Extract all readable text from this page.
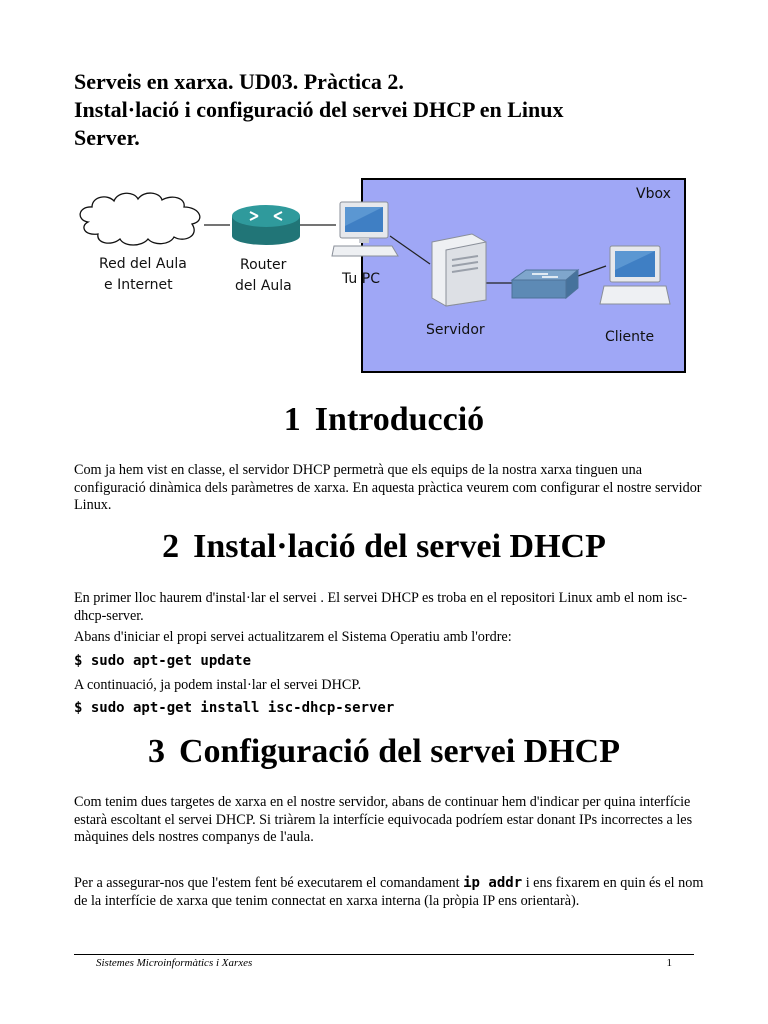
Serveis en xarxa. UD03. Pràctica 2.
Instal·lació i configuració del servei DHCP en Linux
Server.
Vbox
Red del Aula
e Internet
Router
del Aula	Tu PC
Servidor	Cliente
1 Introducció
Com ja hem vist en classe, el servidor DHCP permetrà que els equips de la nostra xarxa tinguen una configuració dinàmica dels paràmetres de xarxa. En aquesta pràctica veurem com configurar el nostre servidor Linux.
2 Instal·lació del servei DHCP
En primer lloc haurem d'instal·lar el servei . El servei DHCP es troba en el repositori Linux amb el nom isc-dhcp-server.
Abans d'iniciar el propi servei actualitzarem el Sistema Operatiu amb l'ordre:
$ sudo apt-get update
A continuació, ja podem instal·lar el servei DHCP.
$ sudo apt-get install isc-dhcp-server
3 Configuració del servei DHCP
Com tenim dues targetes de xarxa en el nostre servidor, abans de continuar hem d'indicar per quina interfície estarà escoltant el servei DHCP. Si triàrem la interfície equivocada podríem estar donant IPs incorrectes a les màquines dels nostres companys de l'aula.
Per a assegurar-nos que l'estem fent bé executarem el comandament ip addr i ens fixarem en quin és el nom de la interfície de xarxa que tenim connectat en xarxa interna (la pròpia IP ens orientarà).
Sistemes Microinformàtics i Xarxes	1
